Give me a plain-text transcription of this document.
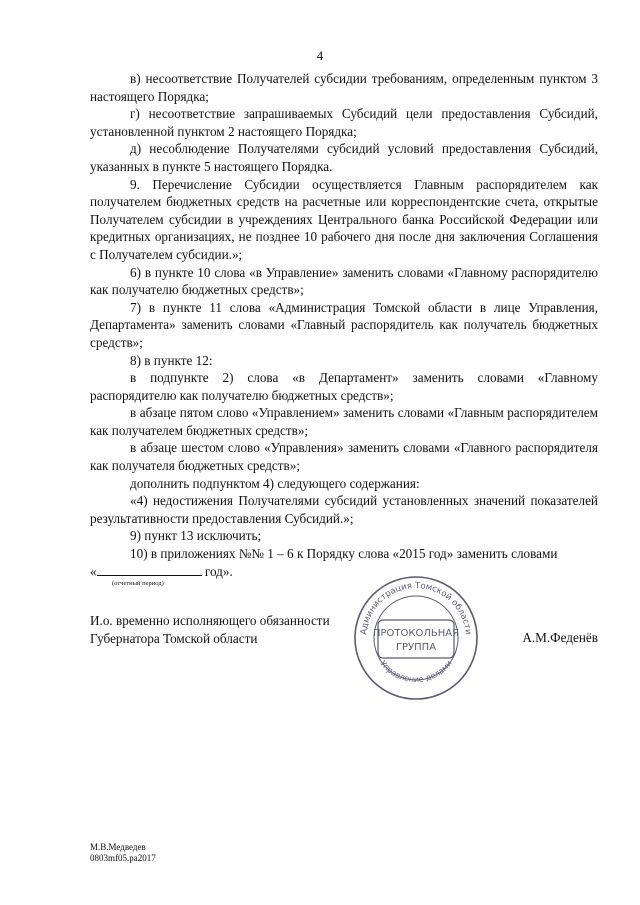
4

в) несоответствие Получателей субсидии требованиям, определенным пунктом 3 настоящего Порядка;

г) несоответствие запрашиваемых Субсидий цели предоставления Субсидий, установленной пунктом 2 настоящего Порядка;

д) несоблюдение Получателями субсидий условий предоставления Субсидий, указанных в пункте 5 настоящего Порядка.

9. Перечисление Субсидии осуществляется Главным распорядителем как получателем бюджетных средств на расчетные или корреспондентские счета, открытые Получателем субсидии в учреждениях Центрального банка Российской Федерации или кредитных организациях, не позднее 10 рабочего дня после дня заключения Соглашения с Получателем субсидии.»;

6) в пункте 10 слова «в Управление» заменить словами «Главному распорядителю как получателю бюджетных средств»;

7) в пункте 11 слова «Администрация Томской области в лице Управления, Департамента» заменить словами «Главный распорядитель как получатель бюджетных средств»;

8) в пункте 12:

в подпункте 2) слова «в Департамент» заменить словами «Главному распорядителю как получателю бюджетных средств»;

в абзаце пятом слово «Управлением» заменить словами «Главным распорядителем как получателем бюджетных средств»;

в абзаце шестом слово «Управления» заменить словами «Главного распорядителя как получателя бюджетных средств»;

дополнить подпунктом 4) следующего содержания:

«4) недостижения Получателями субсидий установленных значений показателей результативности предоставления Субсидий.»;

9) пункт 13 исключить;

10) в приложениях №№ 1 – 6 к Порядку слова «2015 год» заменить словами

«	год».

(отчетный период)

И.о. временно исполняющего обязанности
Губернатора Томской области	А.М.Феденёв
Администрация Томской области
Управление делами
ПРОТОКОЛЬНАЯ
ГРУППА
М.В.Медведев
0803mf05.pa2017
